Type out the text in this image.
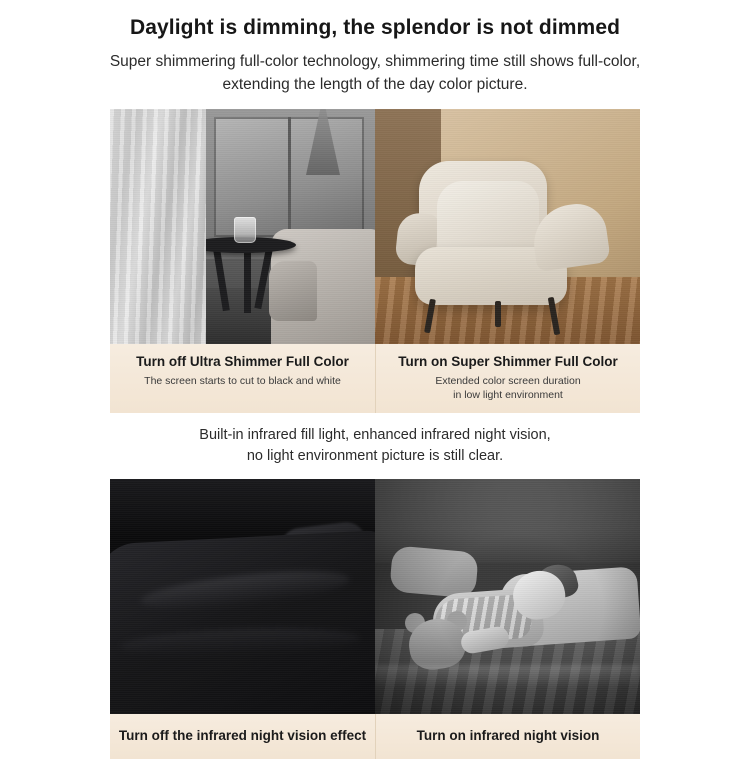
Daylight is dimming, the splendor is not dimmed
Super shimmering full-color technology, shimmering time still shows full-color,
extending the length of the day color picture.
Turn off Ultra Shimmer Full Color
The screen starts to cut to black and white
Turn on Super Shimmer Full Color
Extended color screen duration
in low light environment
Built-in infrared fill light, enhanced infrared night vision,
no light environment picture is still clear.
Turn off the infrared night vision effect	Turn on infrared night vision
